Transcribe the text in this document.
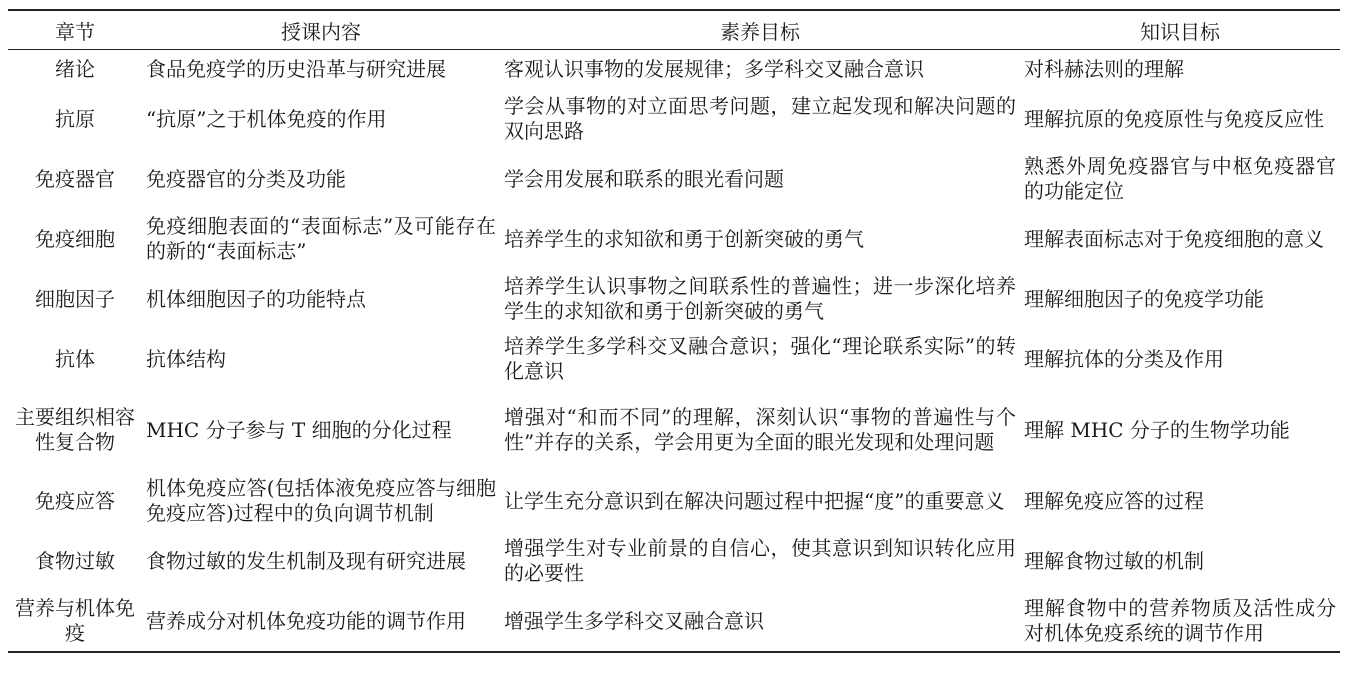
章节	授课内容	素养目标	知识目标
绪论	食品免疫学的历史沿革与研究进展	客观认识事物的发展规律；多学科交叉融合意识	对科赫法则的理解
抗原	“抗原”之于机体免疫的作用	学会从事物的对立面思考问题，建立起发现和解决问题的双向思路	理解抗原的免疫原性与免疫反应性
免疫器官	免疫器官的分类及功能	学会用发展和联系的眼光看问题	熟悉外周免疫器官与中枢免疫器官的功能定位
免疫细胞	免疫细胞表面的“表面标志”及可能存在的新的“表面标志”	培养学生的求知欲和勇于创新突破的勇气	理解表面标志对于免疫细胞的意义
细胞因子	机体细胞因子的功能特点	培养学生认识事物之间联系性的普遍性；进一步深化培养学生的求知欲和勇于创新突破的勇气	理解细胞因子的免疫学功能
抗体	抗体结构	培养学生多学科交叉融合意识；强化“理论联系实际”的转化意识	理解抗体的分类及作用
主要组织相容性复合物	MHC 分子参与 T 细胞的分化过程	增强对“和而不同”的理解，深刻认识“事物的普遍性与个性”并存的关系，学会用更为全面的眼光发现和处理问题	理解 MHC 分子的生物学功能
免疫应答	机体免疫应答(包括体液免疫应答与细胞免疫应答)过程中的负向调节机制	让学生充分意识到在解决问题过程中把握“度”的重要意义	理解免疫应答的过程
食物过敏	食物过敏的发生机制及现有研究进展	增强学生对专业前景的自信心，使其意识到知识转化应用的必要性	理解食物过敏的机制
营养与机体免疫	营养成分对机体免疫功能的调节作用	增强学生多学科交叉融合意识	理解食物中的营养物质及活性成分对机体免疫系统的调节作用
